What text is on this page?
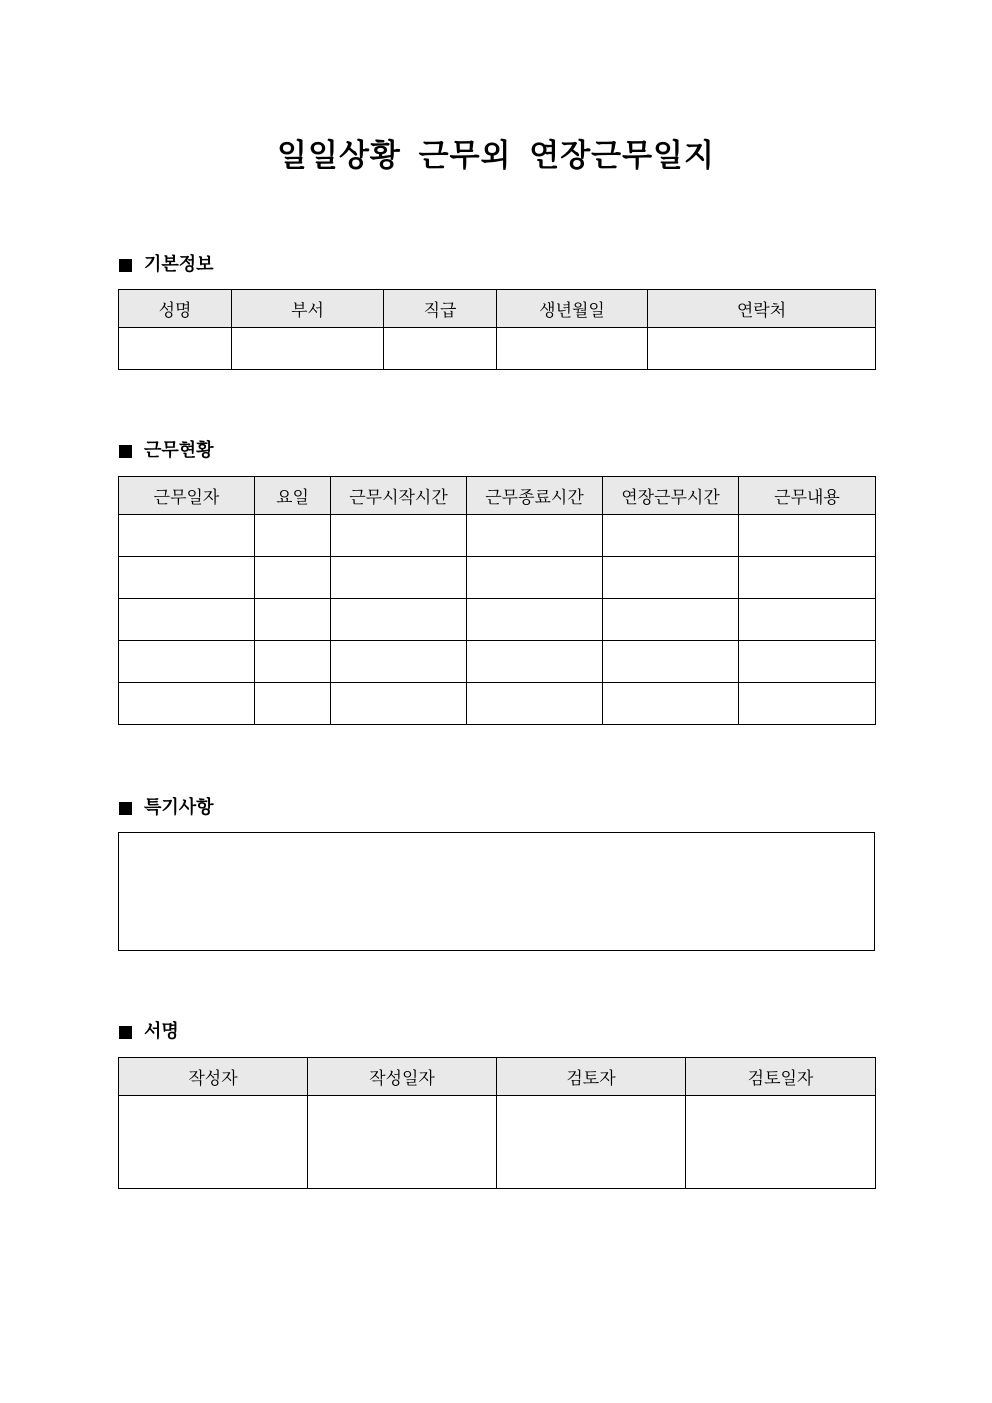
일일상황 근무외 연장근무일지
기본정보
성명	부서	직급	생년월일	연락처

근무현황
근무일자	요일	근무시작시간	근무종료시간	연장근무시간	근무내용

특기사항
서명
작성자	작성일자	검토자	검토일자
